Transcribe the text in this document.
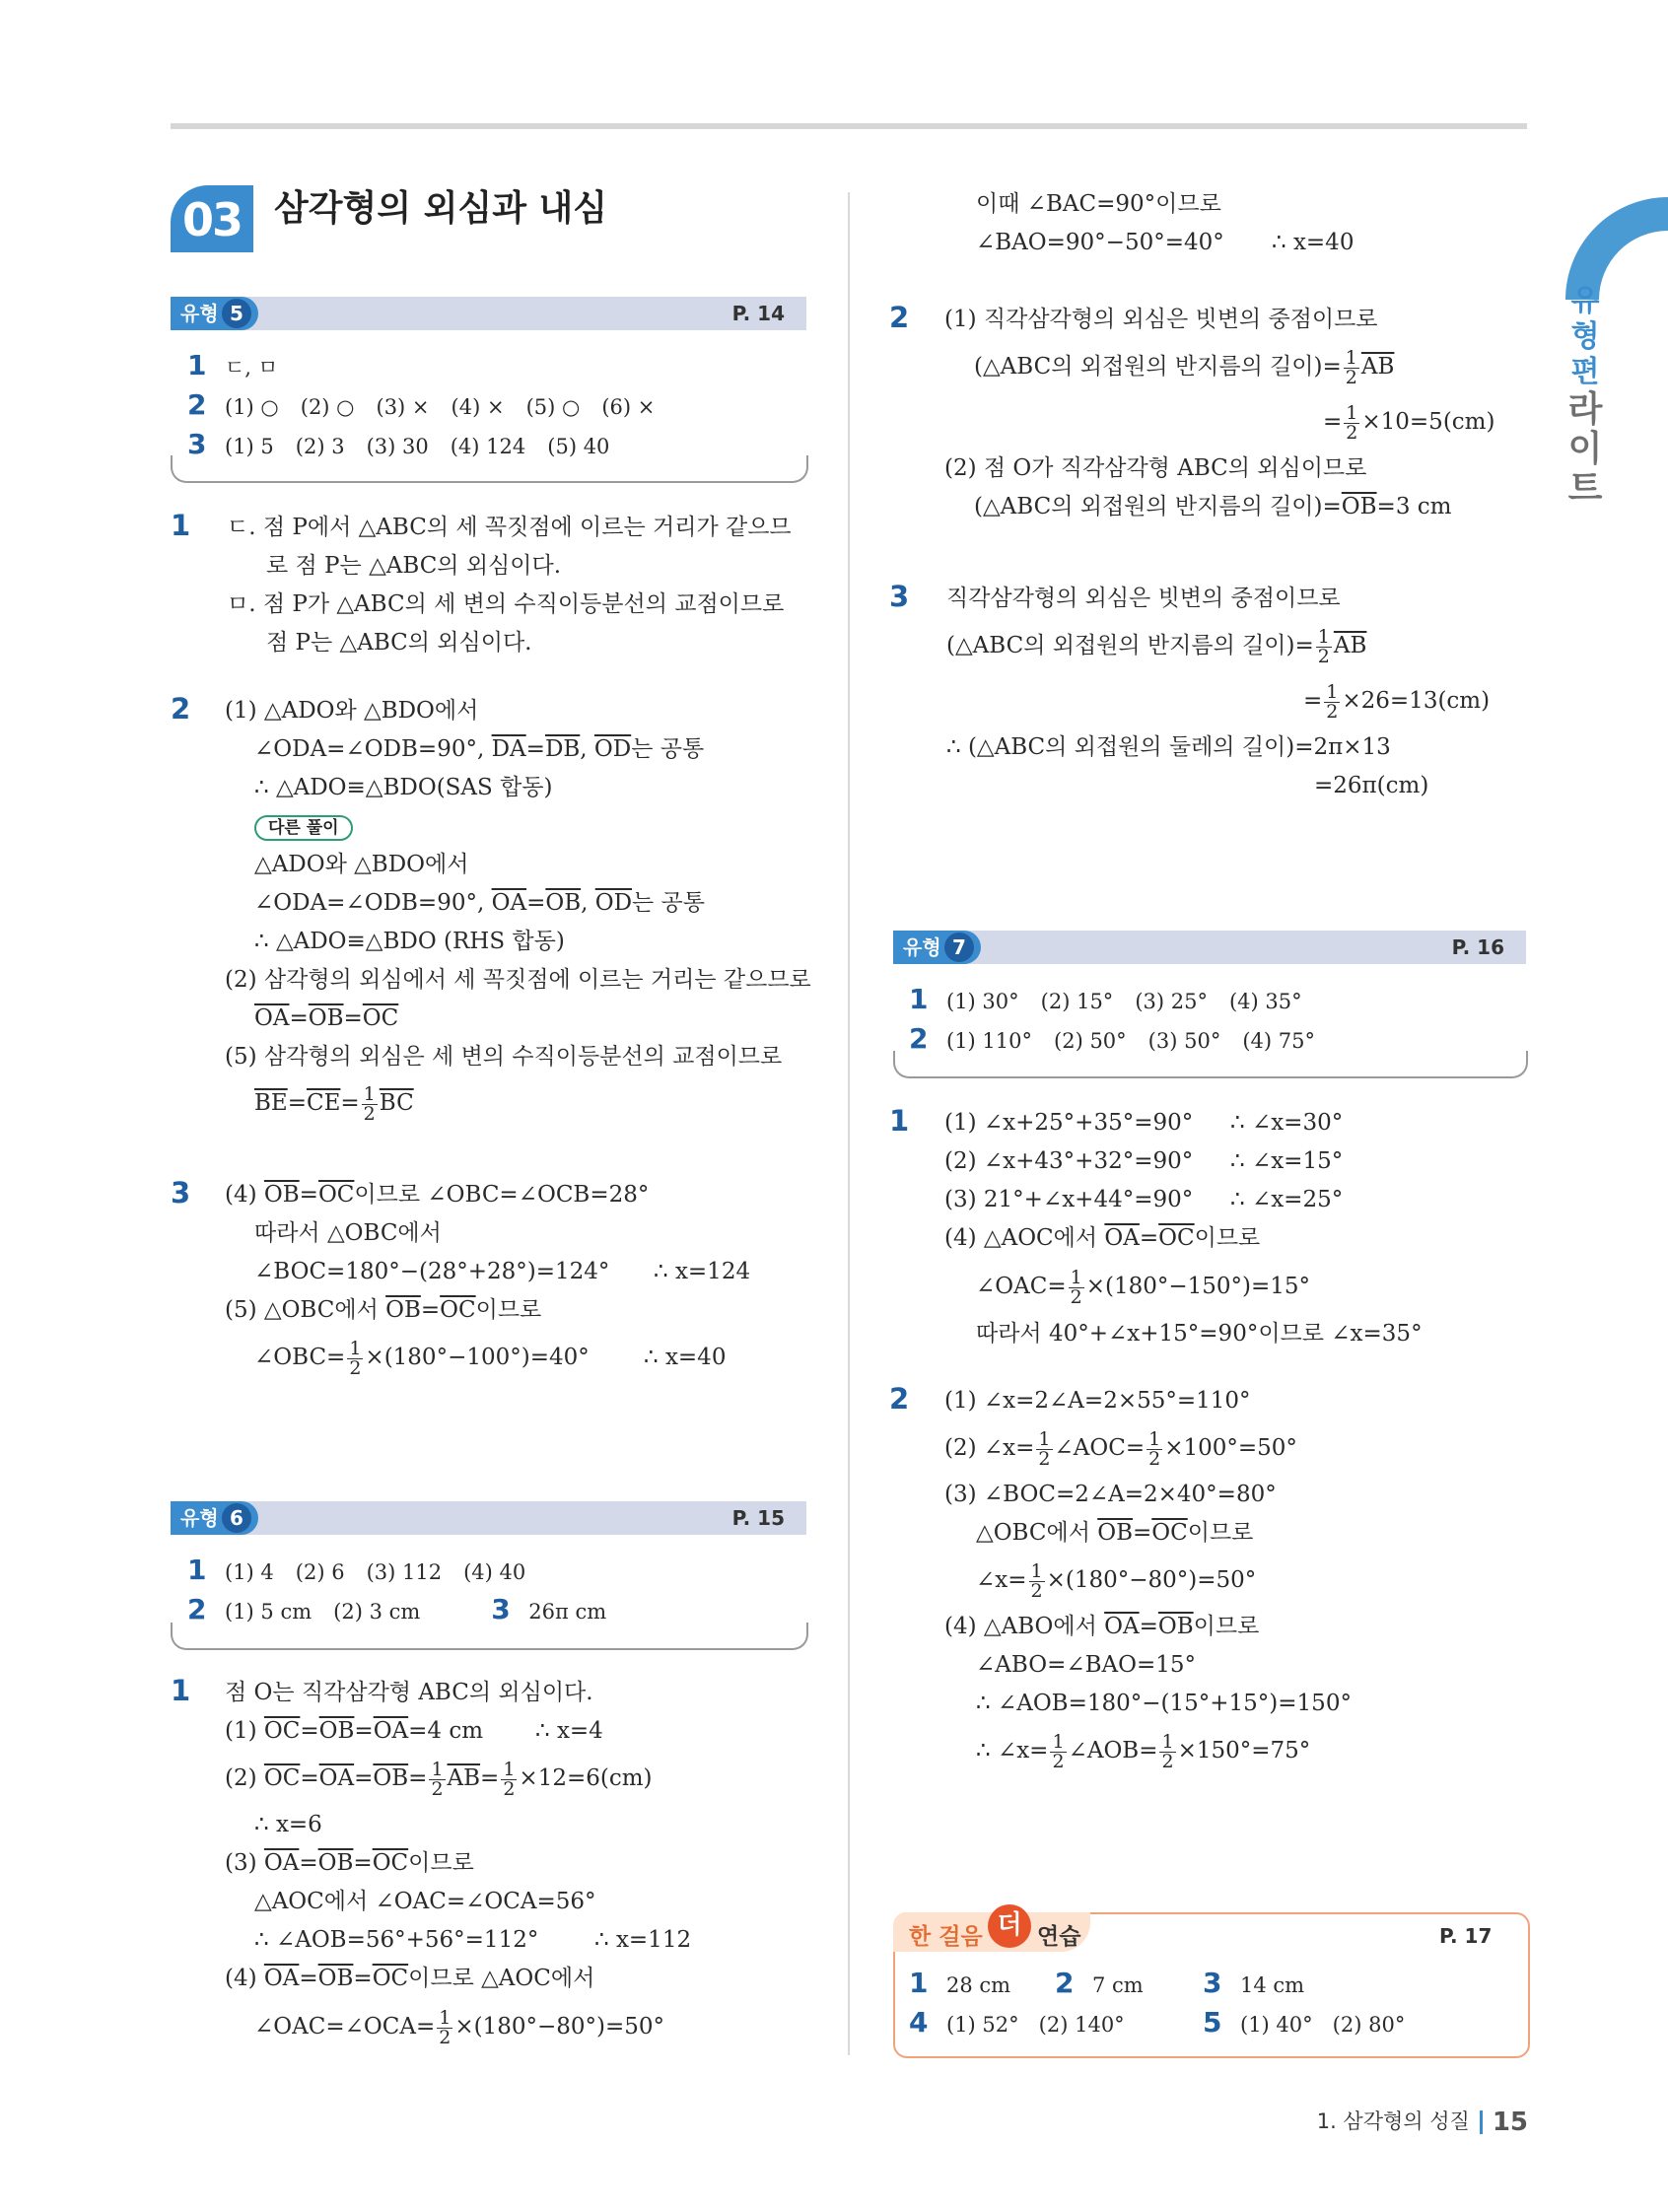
03 삼각형의 외심과 내심
유
형
편
라
이
트
유형 5	P. 14
1 ㄷ, ㅁ
2 (1) ○ (2) ○ (3) × (4) × (5) ○ (6) ×
3 (1) 5 (2) 3 (3) 30 (4) 124 (5) 40
1 ㄷ. 점 P에서 △ABC의 세 꼭짓점에 이르는 거리가 같으므
로 점 P는 △ABC의 외심이다.
ㅁ. 점 P가 △ABC의 세 변의 수직이등분선의 교점이므로
점 P는 △ABC의 외심이다.
2 (1) △ADO와 △BDO에서
∠ODA=∠ODB=90°, $\overline{DA}=\overline{DB}$, $\overline{OD}$는 공통
∴ △ADO≡△BDO(SAS 합동)
다른 풀이
△ADO와 △BDO에서
∠ODA=∠ODB=90°, $\overline{OA}=\overline{OB}$, $\overline{OD}$는 공통
∴ △ADO≡△BDO (RHS 합동)
(2) 삼각형의 외심에서 세 꼭짓점에 이르는 거리는 같으므로
$\overline{OA}=\overline{OB}=\overline{OC}$
(5) 삼각형의 외심은 세 변의 수직이등분선의 교점이므로
$\overline{BE}=\overline{CE}= \frac{1}{2} \overline{BC}$
3 (4) $\overline{OB}=\overline{OC}$이므로 ∠OBC=∠OCB=28°
따라서 △OBC에서
∠BOC=180°−(28°+28°)=124° ∴ x=124
(5) △OBC에서 $\overline{OB}=\overline{OC}$이므로
∠OBC= $\frac{1}{2} \times(180^\circ-100^\circ)=40^\circ$ ∴ x=40
유형 6	P. 15
1 (1) 4 (2) 6 (3) 112 (4) 40
2 (1) 5 cm (2) 3 cm	3 26π cm
1 점 O는 직각삼각형 ABC의 외심이다.
(1) $\overline{OC}=\overline{OB}=\overline{OA}=4$ cm ∴ x=4
(2) $\overline{OC}=\overline{OA}=\overline{OB}= \frac{1}{2} \overline{AB}= \frac{1}{2} \times 12=6(cm)$
∴ x=6
(3) $\overline{OA}=\overline{OB}=\overline{OC}$이므로
△AOC에서 ∠OAC=∠OCA=56°
∴ ∠AOB=56°+56°=112° ∴ x=112
(4) $\overline{OA}=\overline{OB}=\overline{OC}$이므로 △AOC에서
∠OAC=∠OCA= $\frac{1}{2} \times(180^\circ-80^\circ)=50^\circ$
이때 ∠BAC=90°이므로
∠BAO=90°−50°=40° ∴ x=40
2 (1) 직각삼각형의 외심은 빗변의 중점이므로
(△ABC의 외접원의 반지름의 길이)= $\frac{1}{2} \overline{AB}$
= $\frac{1}{2} \times 10=5(cm)$
(2) 점 O가 직각삼각형 ABC의 외심이므로
(△ABC의 외접원의 반지름의 길이)$=\overline{OB}=3$ cm
3 직각삼각형의 외심은 빗변의 중점이므로
(△ABC의 외접원의 반지름의 길이)= $\frac{1}{2} \overline{AB}$
= $\frac{1}{2} \times 26=13(cm)$
∴ (△ABC의 외접원의 둘레의 길이)=2π×13
=26π(cm)
유형 7	P. 16
1 (1) 30° (2) 15° (3) 25° (4) 35°
2 (1) 110° (2) 50° (3) 50° (4) 75°
1 (1) ∠x+25°+35°=90° ∴ ∠x=30°
(2) ∠x+43°+32°=90° ∴ ∠x=15°
(3) 21°+∠x+44°=90° ∴ ∠x=25°
(4) △AOC에서 $\overline{OA}=\overline{OC}$이므로
∠OAC= $\frac{1}{2} \times(180^\circ-150^\circ)=15^\circ$
따라서 40°+∠x+15°=90°이므로 ∠x=35°
2 (1) ∠x=2∠A=2×55°=110°
(2) ∠x= $\frac{1}{2}$ ∠AOC= $\frac{1}{2} \times 100^\circ=50^\circ$
(3) ∠BOC=2∠A=2×40°=80°
△OBC에서 $\overline{OB}=\overline{OC}$이므로
∠x= $\frac{1}{2} \times(180^\circ-80^\circ)=50^\circ$
(4) △ABO에서 $\overline{OA}=\overline{OB}$이므로
∠ABO=∠BAO=15°
∴ ∠AOB=180°−(15°+15°)=150°
∴ ∠x= $\frac{1}{2}$ ∠AOB= $\frac{1}{2} \times 150^\circ=75^\circ$
한 걸음 더 연습	P. 17
1 28 cm 2 7 cm 3 14 cm
4 (1) 52°   (2) 140°	5 (1) 40°   (2) 80°
1. 삼각형의 성질 15
